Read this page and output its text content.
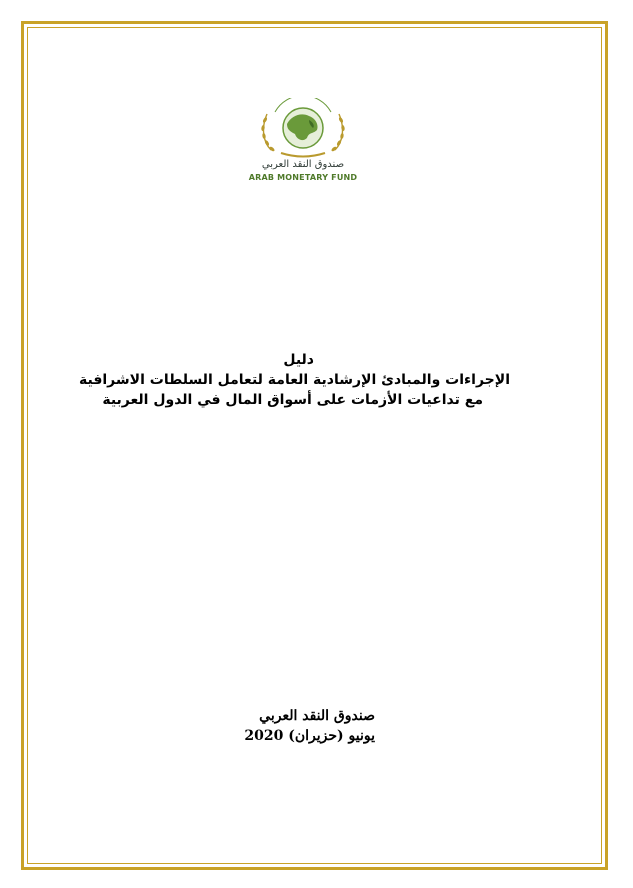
صندوق النقد العربي
ARAB MONETARY FUND
دليل
الإجراءات والمبادئ الإرشادية العامة لتعامل السلطات الاشرافية
مع تداعيات الأزمات على أسواق المال في الدول العربية
صندوق النقد العربي
يونيو (حزيران) 2020
